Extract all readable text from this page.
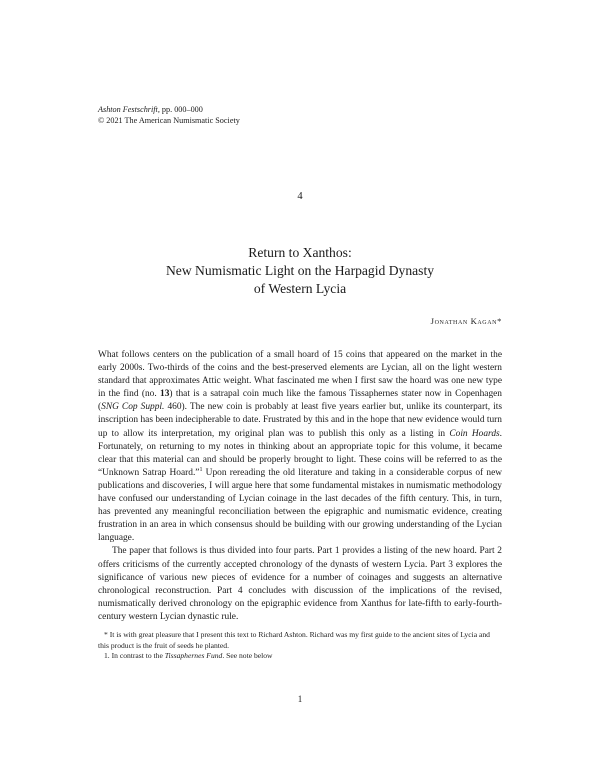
Ashton Festschrift, pp. 000–000
© 2021 The American Numismatic Society
4
Return to Xanthos:
New Numismatic Light on the Harpagid Dynasty
of Western Lycia
Jonathan Kagan*

What follows centers on the publication of a small hoard of 15 coins that appeared on the market in the early 2000s. Two-thirds of the coins and the best-preserved elements are Lycian, all on the light western standard that approximates Attic weight. What fascinated me when I first saw the hoard was one new type in the find (no. 13) that is a satrapal coin much like the famous Tissaphernes stater now in Copenhagen (SNG Cop Suppl. 460). The new coin is probably at least five years earlier but, unlike its counterpart, its inscription has been indecipherable to date. Frustrated by this and in the hope that new evidence would turn up to allow its interpretation, my original plan was to publish this only as a listing in Coin Hoards. Fortunately, on returning to my notes in thinking about an appropriate topic for this volume, it became clear that this material can and should be properly brought to light. These coins will be referred to as the “Unknown Satrap Hoard.”$^1$ Upon rereading the old literature and taking in a considerable corpus of new publications and discoveries, I will argue here that some fundamental mistakes in numismatic methodology have confused our understanding of Lycian coinage in the last decades of the fifth century. This, in turn, has prevented any meaningful reconciliation between the epigraphic and numismatic evidence, creating frustration in an area in which consensus should be building with our growing understanding of the Lycian language.

The paper that follows is thus divided into four parts. Part 1 provides a listing of the new hoard. Part 2 offers criticisms of the currently accepted chronology of the dynasts of western Lycia. Part 3 explores the significance of various new pieces of evidence for a number of coinages and suggests an alternative chronological reconstruction. Part 4 concludes with discussion of the implications of the revised, numismatically derived chronology on the epigraphic evidence from Xanthus for late-fifth to early-fourth-century western Lycian dynastic rule.

* It is with great pleasure that I present this text to Richard Ashton. Richard was my first guide to the ancient sites of Lycia and this product is the fruit of seeds he planted.

1. In contrast to the Tissaphernes Fund. See note below

1
